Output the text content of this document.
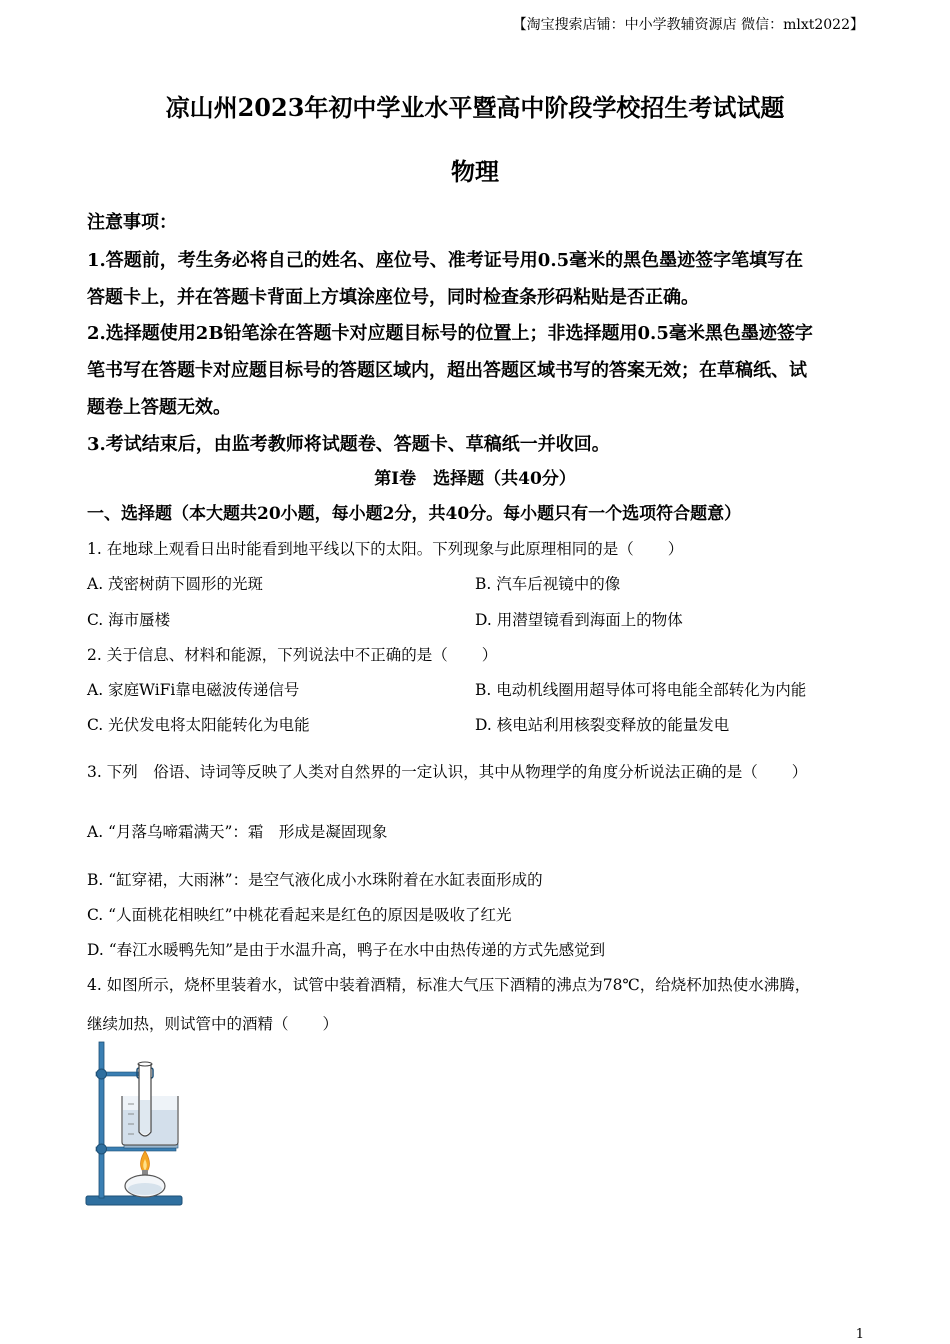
【淘宝搜索店铺：中小学教辅资源店 微信：mlxt2022】
凉山州2023年初中学业水平暨高中阶段学校招生考试试题
物理
注意事项：
1.答题前，考生务必将自己的姓名、座位号、准考证号用0.5毫米的黑色墨迹签字笔填写在
答题卡上，并在答题卡背面上方填涂座位号，同时检查条形码粘贴是否正确。
2.选择题使用2B铅笔涂在答题卡对应题目标号的位置上；非选择题用0.5毫米黑色墨迹签字
笔书写在答题卡对应题目标号的答题区域内，超出答题区域书写的答案无效；在草稿纸、试
题卷上答题无效。
3.考试结束后，由监考教师将试题卷、答题卡、草稿纸一并收回。
第Ⅰ卷　选择题（共40分）
一、选择题（本大题共20小题，每小题2分，共40分。每小题只有一个选项符合题意）
1. 在地球上观看日出时能看到地平线以下的太阳。下列现象与此原理相同的是（ ）
A. 茂密树荫下圆形的光斑	B. 汽车后视镜中的像
C. 海市蜃楼	D. 用潜望镜看到海面上的物体
2. 关于信息、材料和能源，下列说法中不正确的是（ ）
A. 家庭WiFi靠电磁波传递信号	B. 电动机线圈用超导体可将电能全部转化为内能
C. 光伏发电将太阳能转化为电能	D. 核电站利用核裂变释放的能量发电
3. 下列　俗语、诗词等反映了人类对自然界的一定认识，其中从物理学的角度分析说法正确的是（ ）
A. “月落乌啼霜满天”：霜　形成是凝固现象
B. “缸穿裙，大雨淋”：是空气液化成小水珠附着在水缸表面形成的
C. “人面桃花相映红”中桃花看起来是红色的原因是吸收了红光
D. “春江水暖鸭先知”是由于水温升高，鸭子在水中由热传递的方式先感觉到
4. 如图所示，烧杯里装着水，试管中装着酒精，标准大气压下酒精的沸点为78℃，给烧杯加热使水沸腾，
继续加热，则试管中的酒精（ ）
1
